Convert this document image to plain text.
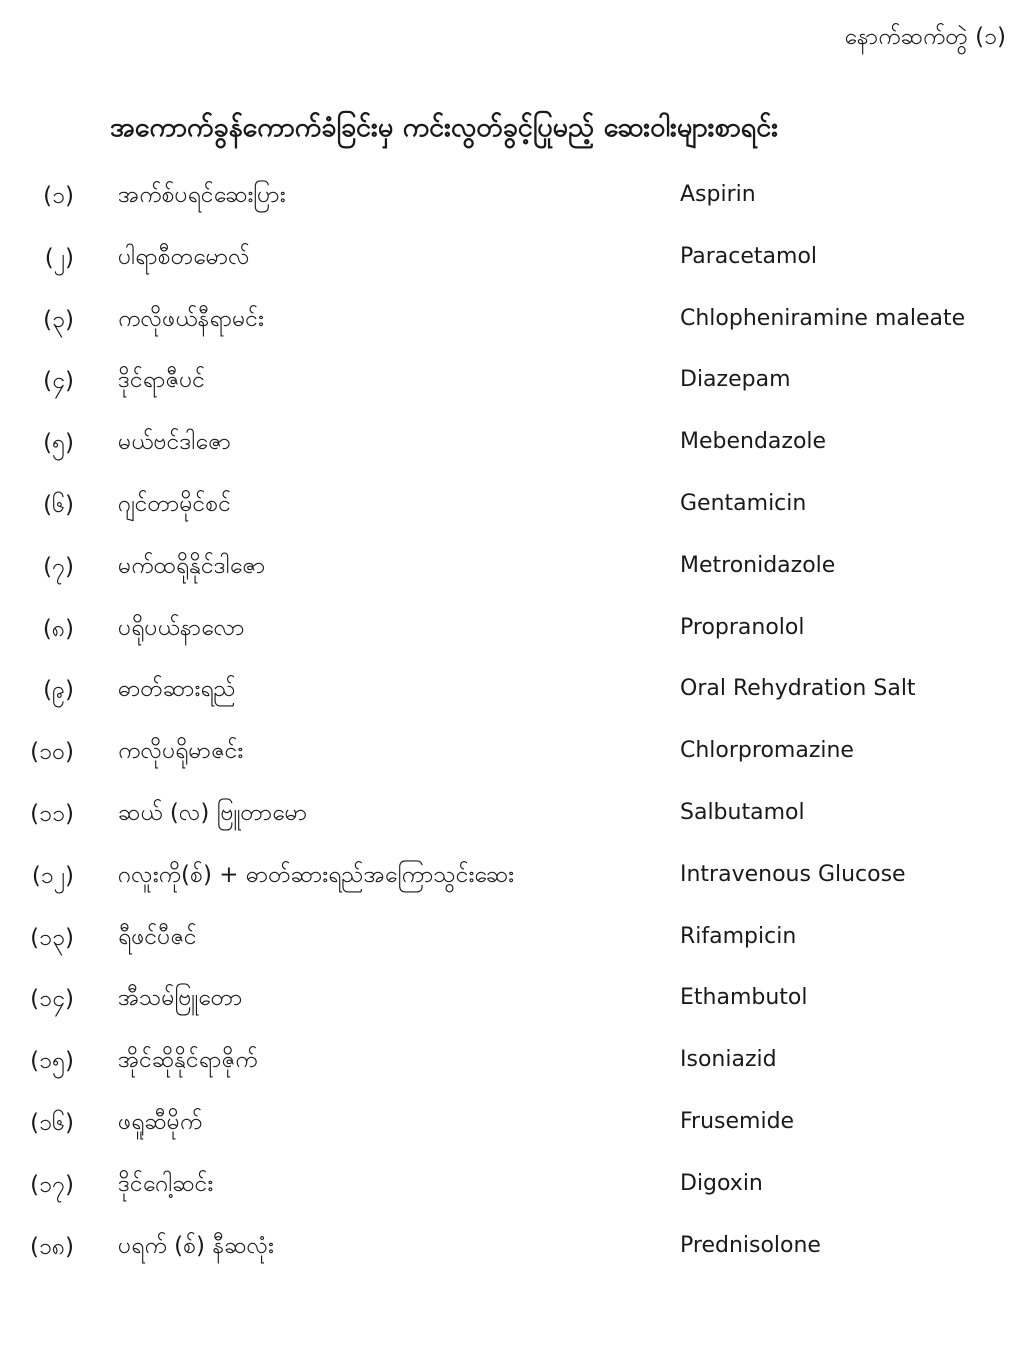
နောက်ဆက်တွဲ (၁)
အကောက်ခွန်ကောက်ခံခြင်းမှ ကင်းလွတ်ခွင့်ပြုမည့် ဆေးဝါးများစာရင်း
(၁) အက်စ်ပရင်ဆေးပြား	Aspirin
(၂) ပါရာစီတမောလ်	Paracetamol
(၃) ကလိုဖယ်နီရာမင်း	Chlopheniramine maleate
(၄) ဒိုင်ရာဇီပင်	Diazepam
(၅) မယ်ဗင်ဒါဇော	Mebendazole
(၆) ဂျင်တာမိုင်စင်	Gentamicin
(၇) မက်ထရိုနိုင်ဒါဇော	Metronidazole
(၈) ပရိုပယ်နာလော	Propranolol
(၉) ဓာတ်ဆားရည်	Oral Rehydration Salt
(၁၀) ကလိုပရိုမာဇင်း	Chlorpromazine
(၁၁) ဆယ် (လ) ဗြူတာမော	Salbutamol
(၁၂) ဂလူးကို(စ်) + ဓာတ်ဆားရည်အကြောသွင်းဆေး	Intravenous Glucose
(၁၃) ရီဖင်ပီဇင်	Rifampicin
(၁၄) အီသမ်ဗြူတော	Ethambutol
(၁၅) အိုင်ဆိုနိုင်ရာဇိုက်	Isoniazid
(၁၆) ဖရူဆီမိုက်	Frusemide
(၁၇) ဒိုင်ဂေါ့ဆင်း	Digoxin
(၁၈) ပရက် (စ်) နီဆလုံး	Prednisolone
